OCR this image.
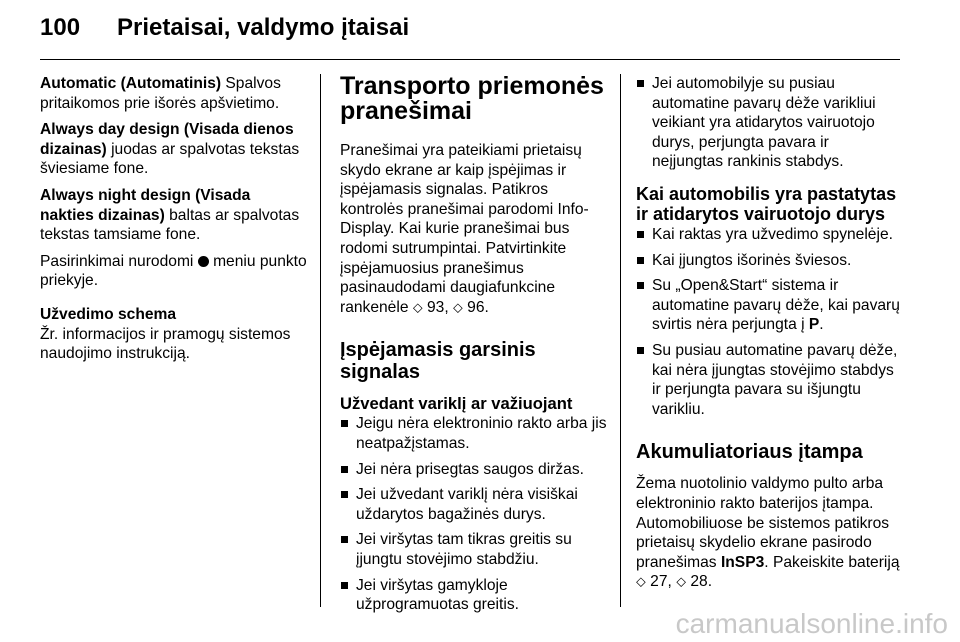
100 Prietaisai, valdymo įtaisai

Automatic (Automatinis) Spalvos pritaikomos prie išorės apšvietimo.

Always day design (Visada dienos dizainas) juodas ar spalvotas tekstas šviesiame fone.

Always night design (Visada nakties dizainas) baltas ar spalvotas tekstas tamsiame fone.

Pasirinkimai nurodomi  meniu punkto priekyje.

Užvedimo schema

Žr. informacijos ir pramogų sistemos naudojimo instrukciją.

Transporto priemonės pranešimai

Pranešimai yra pateikiami prietaisų skydo ekrane ar kaip įspėjimas ir įspėjamasis signalas. Patikros kontrolės pranešimai parodomi Info-Display. Kai kurie pranešimai bus rodomi sutrumpintai. Patvirtinkite įspėjamuosius pranešimus pasinaudodami daugiafunkcine rankenėle ⬦ 93, ⬦ 96.

Įspėjamasis garsinis signalas
Užvedant variklį ar važiuojant
Jeigu nėra elektroninio rakto arba jis neatpažįstamas.
Jei nėra prisegtas saugos diržas.
Jei užvedant variklį nėra visiškai uždarytos bagažinės durys.
Jei viršytas tam tikras greitis su įjungtu stovėjimo stabdžiu.
Jei viršytas gamykloje užprogramuotas greitis.
Jei automobilyje su pusiau automatine pavarų dėže varikliui veikiant yra atidarytos vairuotojo durys, perjungta pavara ir neįjungtas rankinis stabdys.
Kai automobilis yra pastatytas ir atidarytos vairuotojo durys
Kai raktas yra užvedimo spynelėje.
Kai įjungtos išorinės šviesos.
Su „Open&Start“ sistema ir automatine pavarų dėže, kai pavarų svirtis nėra perjungta į P.
Su pusiau automatine pavarų dėže, kai nėra įjungtas stovėjimo stabdys ir perjungta pavara su išjungtu varikliu.
Akumuliatoriaus įtampa

Žema nuotolinio valdymo pulto arba elektroninio rakto baterijos įtampa. Automobiliuose be sistemos patikros prietaisų skydelio ekrane pasirodo pranešimas InSP3. Pakeiskite bateriją ⬦ 27, ⬦ 28.

carmanualsonline.info
